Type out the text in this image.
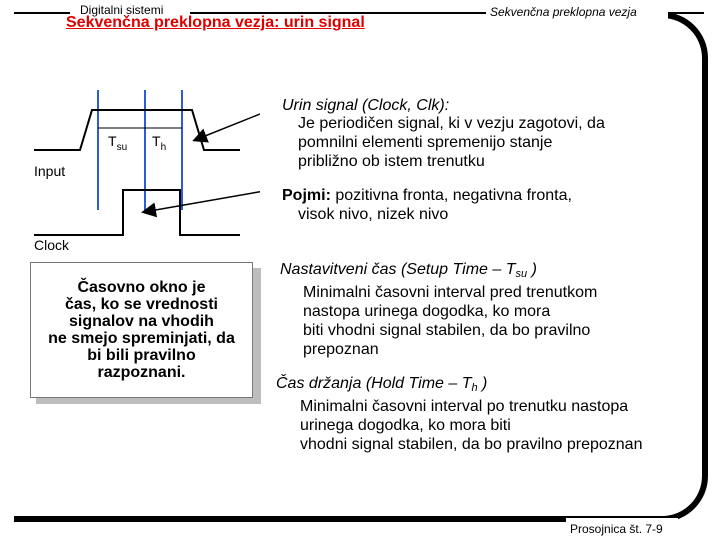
Digitalni sistemi	Sekvenčna preklopna vezja
Sekvenčna preklopna vezja: urin signal
$T_{su}$ $T_h$
Input
Clock
Časovno okno je
čas, ko se vrednosti
signalov na vhodih
ne smejo spreminjati, da
bi bili pravilno
razpoznani.
Urin signal (Clock, Clk):
Je periodičen signal, ki v vezju zagotovi, da
pomnilni elementi spremenijo stanje
približno ob istem trenutku
Pojmi: pozitivna fronta, negativna fronta,
visok nivo, nizek nivo
Nastavitveni čas (Setup Time – $T_{su}$ )
Minimalni časovni interval pred trenutkom
nastopa urinega dogodka, ko mora
biti vhodni signal stabilen, da bo pravilno
prepoznan
Čas držanja (Hold Time – $T_h$ )
Minimalni časovni interval po trenutku nastopa
urinega dogodka, ko mora biti
vhodni signal stabilen, da bo pravilno prepoznan
Prosojnica št. 7-9
